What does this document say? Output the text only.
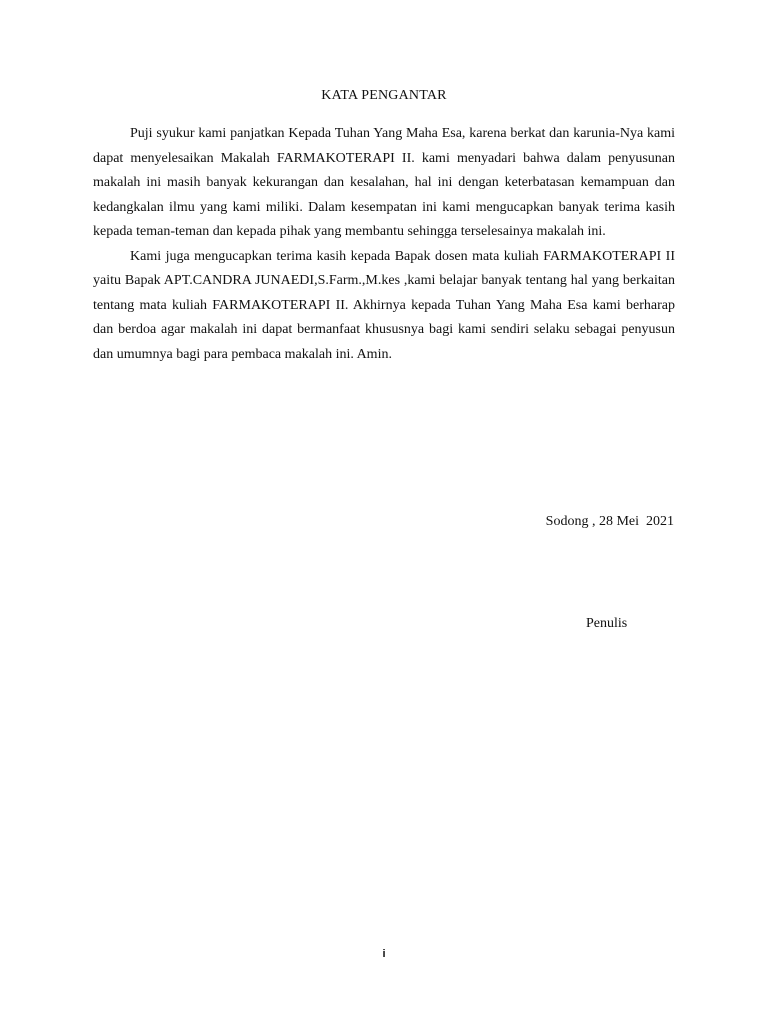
KATA PENGANTAR

Puji syukur kami panjatkan Kepada Tuhan Yang Maha Esa, karena berkat dan karunia-Nya kami dapat menyelesaikan Makalah FARMAKOTERAPI II. kami menyadari bahwa dalam penyusunan makalah ini masih banyak kekurangan dan kesalahan, hal ini dengan keterbatasan kemampuan dan kedangkalan ilmu yang kami miliki. Dalam kesempatan ini kami mengucapkan banyak terima kasih kepada teman-teman dan kepada pihak yang membantu sehingga terselesainya makalah ini.

Kami juga mengucapkan terima kasih kepada Bapak dosen mata kuliah FARMAKOTERAPI II yaitu Bapak APT.CANDRA JUNAEDI,S.Farm.,M.kes ,kami belajar banyak tentang hal yang berkaitan tentang mata kuliah FARMAKOTERAPI II. Akhirnya kepada Tuhan Yang Maha Esa kami berharap dan berdoa agar makalah ini dapat bermanfaat khususnya bagi kami sendiri selaku sebagai penyusun dan umumnya bagi para pembaca makalah ini. Amin.

Sodong , 28 Mei  2021
Penulis
i
